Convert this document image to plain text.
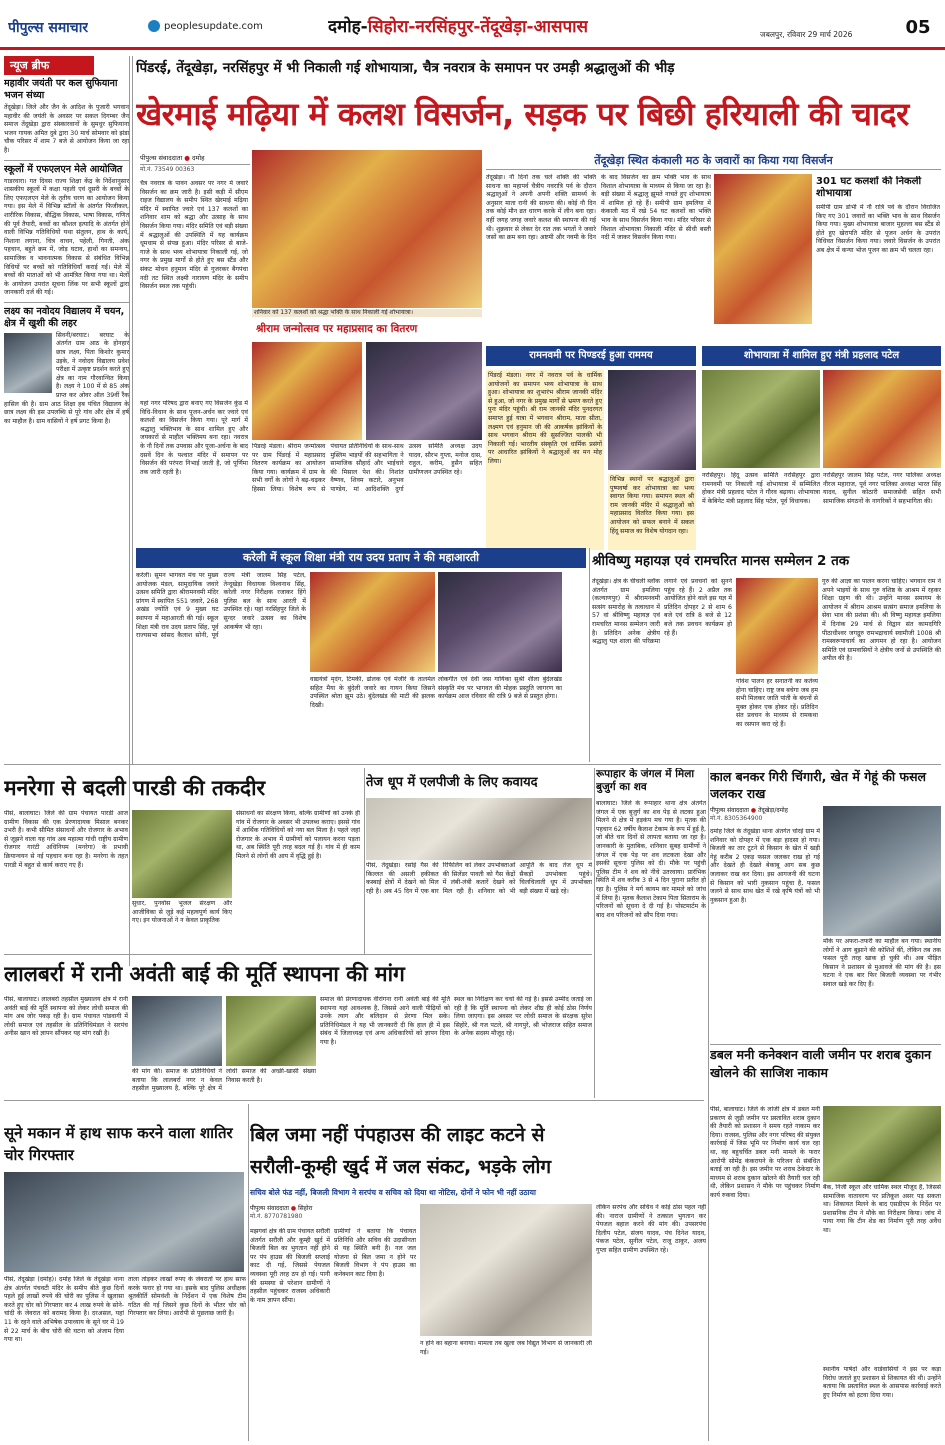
पीपुल्स समाचार	peoplesupdate.com	दमोह-सिहोरा-नरसिंहपुर-तेंदूखेड़ा-आसपास	जबलपुर, रविवार 29 मार्च 2026	05
न्यूज ब्रीफ
महावीर जयंती पर कल सुफियाना भजन संध्या
तेंदूखेड़ा। जिले और जैन के आदिश के पुजारी भगवान महावीर की जयंती के अवसर पर सकल दिगम्बर जैन समाज तेंदूखेड़ा द्वारा संस्कारवानों के सुमधुर सुफियाना भजन गायक अमित दुबे द्वारा 30 मार्च सोमवार को झंडा चौक परिसर में शाम 7 बजे से आयोजन किया जा रहा है।
स्कूलों में एफएलएन मेले आयोजित
गाडरवारा। गत दिवस राज्य शिक्षा केंद्र के निर्देशानुसार शासकीय स्कूलों में कक्षा पहली एवं दूसरी के बच्चों के लिए एफएलएन मेले के तृतीय चरण का आयोजन किया गया। इस मेले में विभिन्न स्टॉलों के अंतर्गत फिजीकल, शारीरिक विकास, बौद्धिक विकास, भाषा विकास, गणित की पूर्व तैयारी, बच्चों का कौशल इत्यादि के अंतर्गत होने वाली विभिन्न गतिविधियों यथा संतुलन, हाथ के कार्य, निशाना लगाना, चित्र वाचन, पहेली, गिनती, अंक पहचान, बहुते क्रम में, जोड़ घटाव, हाथों का समन्वय, सामाजिक व भावनात्मक विकास से संबंधित विभिन्न विधियों पर बच्चों को गतिविधियाँ कराई गईं। मेले में बच्चों की माताओं को भी आमंत्रित किया गया था। मेलों के आयोजन उपरांत सूचना लिंक पर सभी स्कूलों द्वारा जानकारी दर्ज की गई।
लक्ष्य का नवोदय विद्यालय में चयन, क्षेत्र में खुशी की लहर
सिवनी/बरघाट। बरघाट के अंतर्गत ग्राम आठ के होनहार छात्र लक्ष्य, पिता किशोर कुमार उइके, ने नवोदय विद्यालय प्रवेश परीक्षा में उत्कृष्ट प्रदर्शन करते हुए क्षेत्र का नाम गौरवान्वित किया है। लक्ष्य ने 100 में से 85 अंक प्राप्त कर ओवर ऑल 39वीं रैंक हासिल की है। ग्राम आठ शिक्षा हब पंचित विद्यालय के छात्र लक्ष्य की इस उपलब्धि से पूरे गांव और क्षेत्र में हर्ष का माहौल है। ग्राम वासियों ने हर्ष प्रगट किया है।
पिंडरई, तेंदूखेड़ा, नरसिंहपुर में भी निकाली गई शोभायात्रा, चैत्र नवरात्र के समापन पर उमड़ी श्रद्धालुओं की भीड़
खेरमाई मढ़िया में कलश विसर्जन, सड़क पर बिछी हरियाली की चादर
पीपुल्स संवाददाता ● दमोह
मो.नं. 73549 00363
चैत्र नवरात्र के पावन अवसर पर नगर में जवारे विसर्जन का क्रम जारी है। इसी कड़ी में सीएम राइज विद्यालय के समीप स्थित खेरमाई मढ़िया मंदिर में स्थापित ज्वारे एवं 137 कलशों का शनिवार शाम को श्रद्धा और उत्साह के साथ विसर्जन किया गया। मंदिर समिति एवं बड़ी संख्या में श्रद्धालुओं की उपस्थिति में यह कार्यक्रम धूमधाम से संपन्न हुआ। मंदिर परिसर से बाजे-गाजे के साथ भव्य शोभायात्रा निकाली गई, जो नगर के प्रमुख मार्गों से होते हुए बस स्टैंड और संकट मोचन हनुमान मंदिर से गुजरकर बैगपंचा नदी तट स्थित लक्ष्मी नारायण मंदिर के समीप विसर्जन स्थल तक पहुंची।
शनिवार को 137 कलशों को श्रद्धा भक्ति के साथ निकाली गई शोभायात्रा।
श्रीराम जन्मोत्सव पर महाप्रसाद का वितरण
यहां नगर परिषद द्वारा बनाए गए विसर्जन कुंड में विधि-विधान के साथ पूजन-अर्चन कर ज्वारे एवं कलशों का विसर्जन किया गया। पूरे मार्ग में श्रद्धालु भक्तिभाव के साथ शामिल हुए और जयकारों से माहौल भक्तिमय बना रहा। नवरात्र के नौ दिनों तक उपवास और पूजा-अर्चना के बाद दसवें दिन के पश्चात मंदिर में समापन पर विसर्जन की परंपरा निभाई जाती है, जो पूर्णिमा तक जारी रहती है।
पिंडरई मंडला। श्रीराम जन्मोत्सव पर ग्राम पिंडरई में महाप्रसाद वितरण कार्यक्रम का आयोजन किया गया। कार्यक्रम में ग्राम के सभी वर्गों के लोगों ने बढ़-चढ़कर हिस्सा लिया। विशेष रूप से पंचायत प्रतिनिधियों के साथ-साथ मुस्लिम भाइयों की सहभागिता ने सामाजिक सौहार्द और भाईचारे की मिसाल पेश की। निशांत वैष्णव, शिवम कटारे, अनुभव पाण्डेय, मां आदिशक्ति दुर्गा उत्सव समिति अध्यक्ष उदय यादव, सौरभ गुप्ता, मनोज दास, राहुल, करीम, हुसैन सहित ग्रामीणजन उपस्थित रहे।
तेंदूखेड़ा स्थित कंकाली मठ के जवारों का किया गया विसर्जन
तेंदूखेड़ा। नौ दिनों तक चले शक्ति की भक्ति साधना का महापर्व चैत्रीय नवरात्रि पर्व के दौरान श्रद्धालुओं ने अपनी अपनी शक्ति सामर्थ्य के अनुसार माता रानी की साधना की। कोई नौ दिन तक कोई मौन व्रत धारण करके में लीन बना रहा। वहीं जगह जगह जवारे कलश की स्थापना की गई थी। शुक्रवार से लेकर देर रात तक भगतों ने जवारे जसों का क्रम बना रहा। अष्टमी और नवमी के दिन के बाद विसर्जन का क्रम भक्ति भाव के साथ विशाल शोभायात्रा के माध्यम से किया जा रहा है। बड़ी संख्या में श्रद्धालु झूमते नाचते हुए शोभायात्रा में शामिल हो रहे हैं। समीपी ग्राम इमलिया में कंकाली मठ में रखे 54 घट कलशों का भक्ति भाव के साथ विसर्जन किया गया। मंदिर परिसर से विशाल शोभायात्रा निकाली मंदिर से सीधी बस्ती नदी में जाकर विसर्जन किया गया।
301 घट कलशों की निकली शोभायात्रा
समीपी ग्राम डोभी में नौ रात्रि पर्व के दौरान विराजित किए गए 301 जवारों का भक्ति भाव के साथ विसर्जन किया गया। मुख्य शोभायात्रा बाजार मुहल्ला बस स्टैंड से होते हुए खेरापति मंदिर से पूजन अर्चन के उपरांत विधिवत विसर्जन किया गया। जवारे विसर्जन के उपरांत अब क्षेत्र में कन्या भोज पूजन का क्रम भी चलता रहा।
रामनवमी पर पिण्डरई हुआ राममय
पिंडरई मंडला। नगर में नवरात्र पर्व के धार्मिक आयोजनों का समापन भव्य शोभायात्रा के साथ हुआ। शोभायात्रा का शुभारंभ श्रीराम जानकी मंदिर से हुआ, जो नगर के प्रमुख मार्गों से भ्रमण करते हुए पुनः मंदिर पहुंची। श्री राम जानकी मंदिर पुनदरगत समाप्त हुई यात्रा में भगवान श्रीराम, माता सीता, लक्ष्मण एवं हनुमान जी की आकर्षक झांकियों के साथ भगवान श्रीराम की सुसज्जित पालकी भी निकाली गई। भारतीय संस्कृति एवं धार्मिक प्रसंगों पर आधारित झांकियों ने श्रद्धालुओं का मन मोह लिया।
विभिन्न स्थानों पर श्रद्धालुओं द्वारा पुष्पवर्षा कर शोभायात्रा का भव्य स्वागत किया गया। समापन स्थल श्री राम जानकी मंदिर में श्रद्धालुओं को महाप्रसाद वितरित किया गया। इस आयोजन को सफल बनाने में सकल हिंदू समाज का विशेष योगदान रहा।
शोभायात्रा में शामिल हुए मंत्री प्रहलाद पटेल
नरसिंहपुर। हिंदू उत्सव समिति नरसिंहपुर द्वारा रामनवमी पर निकाली गई शोभायात्रा में सम्मिलित होकर मंत्री प्रहलाद पटेल ने गौरव बढ़ाया। शोभायात्रा में केबिनेट मंत्री प्रहलाद सिंह पटेल, पूर्व विधायक।
नरसिंहपुर जालम सिंह पटेल, नगर पालिका अध्यक्ष नीरज महाराज, पूर्व नगर पालिका अध्यक्ष भारत सिंह यादव, सुनील कोठारी समाजसेवी सहित सभी सामाजिक संगठनों के नागरिकों ने सहभागिता की।
करेली में स्कूल शिक्षा मंत्री राय उदय प्रताप ने की महाआरती
करेली। सुमन भागवत मंच पर मुख्य आयोजक मंडल, सामुदायिक जवारे उत्सव समिति द्वारा श्रीरामनवमी मंदिर प्रांगण में स्थापित 551 जवारे, 268 अखंड ज्योति एवं 9 मुख्य घट स्थापना में महाआरती की गई। स्कूल शिक्षा मंत्री राव उदय प्रताप सिंह, पूर्व राज्यसभा सांसद कैलाश सोनी, पूर्व राज्य मंत्री जालम सिंह पटेल, तेन्दूखेड़ा विधायक विश्वनाथ सिंह, करेली नगर निरीक्षक रजाकर हिंगे पुलिस बल के साथ आरती में उपस्थित रहे। यहां नरसिंहपुर जिले के सुन्दर जवारे उत्सव का विशेष आकर्षण भी रहा।
वाद्ययंत्रों मृदंग, टिमकी, ढोलक एवं मंजीरे के तालमेल सहित मैया के बुंदेली जवारे का गायन किया जिसने उपस्थित श्रोता झूम उठे। बुंदेलखंड की माटी की झलक दिखी।
लोकगीत एवं देवी जस गायिका सुश्री शीला बुंदेलखंड संस्कृति मंच पर भागवत की मोहक प्रस्तुति जागरण का कार्यक्रम आज रविवार की रात्रि 9 बजे से प्रस्तुत होगा।
श्रीविष्णु महायज्ञ एवं रामचरित मानस सम्मेलन 2 तक
तेंदूखेड़ा। क्षेत्र के चीचली ब्लॉक अंतर्गत ग्राम इमलिया (कल्याणपुर) में श्रीरामनवमी सत्संग समारोह के तत्वाधान में 57 वां श्रीविष्णु महायज्ञ एवं रामचरित मानस सम्मेलन जारी है। प्रतिदिन अनेक क्षेत्रीय श्रद्धालु यज्ञ शाला की परिक्रमा लगाने एवं प्रवचनों को सुनने पहुंच रहे हैं। 2 अप्रैल तक आयोजित होने वाले इस यज्ञ में प्रतिदिन दोपहर 2 से शाम 6 बजे एवं रात्रि 8 बजे से 12 बजे तक प्रवचन कार्यक्रम हो रहे हैं।
गोवंश पालन हर सनातनी का कर्तव्य होना चाहिए। राष्ट्र जब बचेगा जब हम सभी मिलकर जाति पांती के बंधनों से मुक्त होकर एक होकर रहें। प्रतिदिन संत प्रवचन के माध्यम से रामकथा का रसपान करा रहे हैं।
गुरु की आज्ञा का पालन करना चाहिए। भगवान राम ने अपने भाइयों के साथ गुरु वशिष्ठ के आश्रम में रहकर शिक्षा ग्रहण की थी। उन्होंने मानस समागम के आयोजन में श्रीराम आश्रम सत्संग समाज इमलिया के सेवा भाव की प्रशंसा की। श्री विष्णु महायज्ञ इमलिया में दिनांक 29 मार्च से विद्वान संत कामदगिरि पीठाधीश्वर जगद्गुरु रामभद्राचार्य स्वामीजी 1008 श्री रामस्वरूपाचार्य का आगमन हो रहा है। आयोजन समिति एवं ग्रामवासियों ने क्षेत्रीय जनों से उपस्थिति की अपील की है।
मनरेगा से बदली पारडी की तकदीर
पीसं, बालाघाट। जिले की ग्राम पंचायत पारडी आज ग्रामीण विकास की एक प्रेरणादायक मिसाल बनकर उभरी है। कभी सीमित संसाधनों और रोजगार के अभाव से जूझने वाला यह गांव अब महात्मा गांधी राष्ट्रीय ग्रामीण रोजगार गारंटी अधिनियम (मनरेगा) के प्रभावी क्रियान्वयन से नई पहचान बना रहा है। मनरेगा के तहत पारडी में बहुत से कार्य कराए गए हैं।
सुधार, पुनर्वास भूजल संरक्षण और आजीविका से जुड़े कई महत्वपूर्ण कार्य किए गए। इन योजनाओं ने न केवल प्राकृतिक
संसाधनों का संरक्षण किया, बल्कि ग्रामीणों को उनके ही गांव में रोजगार के अवसर भी उपलब्ध कराए। इससे गांव में आर्थिक गतिविधियों को नया बल मिला है। पहले जहां रोजगार के अभाव में ग्रामीणों को पलायन करना पड़ता था, अब स्थिति पूरी तरह बदल गई है। गांव में ही काम मिलने से लोगों की आय में वृद्धि हुई है।
तेज धूप में एलपीजी के लिए कवायद
पीसं, तेंदूखेड़ा। रसोई गैस की किल्लत की असली हकीकत कस्बाई क्षेत्रों में देखने को मिल रही है। अब 45 दिन में एक बार रिफिलिंग को लेकर उपभोक्ताओं की सिलेंडर पावती को गैस केंद्रों में लंबी-लंबी कतारें देखने को मिल रही हैं। शनिवार को भी आपूर्ति के बाद तेज धूप में सैकड़ों उपभोक्ता पहुंचे। चिलचिलाती धूप में उपभोक्ता बड़ी संख्या में खड़े रहे।
रूपाहार के जंगल में मिला बुजुर्ग का शव
बालाघाट। जिले के रूपाहार थाना क्षेत्र अंतर्गत जंगल में एक बुजुर्ग का शव पेड़ से लटका हुआ मिलने से क्षेत्र में हड़कंप मच गया है। मृतक की पहचान 62 वर्षीय कैलाश टेकाम के रूप में हुई है, जो बीते चार दिनों से लापता बताया जा रहा है। जानकारी के मुताबिक, शनिवार सुबह ग्रामीणों ने जंगल में एक पेड़ पर शव लटकता देखा और इसकी सूचना पुलिस को दी। मौके पर पहुंची पुलिस टीम ने शव को नीचे उतरवाया। प्रारंभिक स्थिति में शव करीब 3 से 4 दिन पुराना प्रतीत हो रहा है। पुलिस ने मर्ग कायम कर मामले को जांच में लिया है। मृतक कैलाश टेकाम पिता सिताराम के परिजनों को सूचना दे दी गई है। पोस्टमार्टम के बाद शव परिजनों को सौंप दिया गया।
काल बनकर गिरी चिंगारी, खेत में गेहूं की फसल जलकर राख
पीपुल्स संवाददाता ● तेंदूखेड़ा/दमोह
मो.नं. 8305364900
दमोह जिले के तेंदूखेड़ा थाना अंतर्गत चोरई ग्राम में शनिवार को दोपहर में एक बड़ा हादसा हो गया। बिजली का तार टूटने से किसान के खेत में खड़ी गेहूं करीब 2 एकड़ फसल जलकर राख हो गई और देखते ही देखते बेकाबू आग सब कुछ जलाकर राख कर दिया। इस आगजनी की घटना से किसान को भारी नुकसान पहुंचा है, फसल जलने से साथ साथ खेत में रखे कृषि यंत्रों को भी नुकसान हुआ है।
मौके पर अफरा-तफरी का माहौल बन गया। स्थानीय लोगों ने आग बुझाने की कोशिशें कीं, लेकिन तब तक फसल पूरी तरह खाक हो चुकी थी। अब पीड़ित किसान ने प्रशासन से मुआवजे की मांग की है। इस घटना ने एक बार फिर बिजली व्यवस्था पर गंभीर सवाल खड़े कर दिए हैं।
लालबर्रा में रानी अवंती बाई की मूर्ति स्थापना की मांग
पीसं, बालाघाट। लालबर्रा तहसील मुख्यालय क्षेत्र में रानी अवंती बाई की मूर्ति स्थापना को लेकर लोधी समाज की मांग अब जोर पकड़ रही है। ग्राम पंचायत पांडवागी में लोधी समाज एवं तहसील के प्रतिनिधिमंडल ने सरपंच अनीस खान को ज्ञापन सौंपकर यह मांग रखी है।
की मांग की। समाज के प्रतिनिधियों ने बताया कि लालबर्रा नगर न केवल तहसील मुख्यालय है, बल्कि पूरे क्षेत्र में लोधी समाज की अच्छी-खासी संख्या निवास करती है।
समाज की प्रेरणादायक वीरांगना रानी अवंती बाई की मूर्ति स्थापना यहां आवश्यक है, जिससे आने वाली पीढ़ियों को उनके त्याग और बलिदान से प्रेरणा मिल सके। प्रतिनिधिमंडल ने यह भी जानकारी दी कि हाल ही में इस संबंध में जिलाध्यक्ष एवं अन्य अधिकारियों को ज्ञापन दिया गया है।
स्थल का निरीक्षण कर चर्चा की गई है। इससे उम्मीद जताई जा रही है कि मूर्ति स्थापना को लेकर शीघ्र ही कोई ठोस निर्णय लिया जाएगा। इस अवसर पर लोधी समाज के संरक्षक सुरेश सिहोरे, श्री गज पटले, श्री नागपुरे, श्री भोजराज सहित समाज के अनेक सदस्य मौजूद रहे।
डबल मनी कनेक्शन वाली जमीन पर शराब दुकान खोलने की साजिश नाकाम
पीसं, बालाघाट। जिले के लांजी क्षेत्र में डबल मनी प्रकरण से जुड़ी जमीन पर प्रस्तावित शराब दुकान की तैयारी को प्रशासन ने समय रहते नाकाम कर दिया। राजस्व, पुलिस और नगर परिषद की संयुक्त कार्रवाई में जिस भूमि पर निर्माण कार्य चल रहा था, वह बहुचर्चित डबल मनी मामले के फरार आरोपी सोमेंद्र कंकरायने के परिजन से संबंधित बताई जा रही है। इस जमीन पर शराब ठेकेदार के माध्यम से शराब दुकान खोलने की तैयारी चल रही थी, लेकिन प्रशासन ने मौके पर पहुंचकर निर्माण कार्य रुकवा दिया।
बैंक, निजी स्कूल और धार्मिक स्थल मौजूद हैं, जिससे सामाजिक वातावरण पर प्रतिकूल असर पड़ सकता था। शिकायत मिलने के बाद एसडीएम के निर्देश पर प्रशासनिक टीम ने मौके का निरीक्षण किया। जांच में पाया गया कि टीन शेड का निर्माण पूरी तरह अवैध था।
स्थानीय पार्षदों और वार्डवासियों ने इस पर कड़ा विरोध जताते हुए प्रशासन से शिकायत की थी। उन्होंने बताया कि प्रस्तावित स्थल के आसपास कार्रवाई करते हुए निर्माण को हटवा दिया गया।
सूने मकान में हाथ साफ करने वाला शातिर चोर गिरफ्तार
पीसं, तेंदूखेड़ा (दमोह)। दमोह जिले के तेंदूखेड़ा थाना क्षेत्र अंतर्गत पंचवटी मंदिर के समीप बीते कुछ दिनों पहले हुई लाखों रुपये की चोरी का पुलिस ने खुलासा करते हुए चोर को गिरफ्तार कर 4 लाख रुपये के सोने-चांदी के जेवरात को बरामद किया है। दरअसल, यहां 11 के रहने वाले अभिषेक उपाध्याय के सूने घर में 19 से 22 मार्च के बीच चोरी की घटना को अंजाम दिया गया था।
ताला तोड़कर लाखों रुपए के जेवरातों पर हाथ साफ करके फरार हो गया था। इसके बाद पुलिस अधीक्षक श्रुतकीर्ति सोमवंशी के निर्देशन में एक विशेष टीम गठित की गई जिसने कुछ दिनों के भीतर चोर को गिरफ्तार कर लिया। आरोपी से पूछताछ जारी है।
बिल जमा नहीं पंपहाउस की लाइट कटने से
सरौली-कूम्ही खुर्द में जल संकट, भड़के लोग
सचिव बोले फंड नहीं, बिजली विभाग ने सरपंच व सचिव को दिया था नोटिस, दोनों ने फोन भी नहीं उठाया
पीपुल्स संवाददाता ● सिहोरा
मो.नं. 8770781980
मझगवां क्षेत्र की ग्राम पंचायत सरौली अंतर्गत सरौली और कूम्ही खुर्द में बिजली बिल का भुगतान नहीं होने पर पंप हाउस की बिजली सप्लाई काट दी गई, जिससे पेयजल व्यवस्था पूरी तरह ठप हो गई। पानी की समस्या से परेशान ग्रामीणों ने तहसील पहुंचकर राजस्व अधिकारी के नाम ज्ञापन सौंपा।
ग्रामीणों ने बताया कि पंचायत प्रतिनिधि और सचिव की उदासीनता से यह स्थिति बनी है। नल जल योजना से बिल जमा न होने पर बिजली विभाग ने पंप हाउस का कनेक्शन काट दिया है।
न होने का बहाना बनाया। मामला तब खुला जब विद्युत विभाग से जानकारी ली गई।
लेकिन सरपंच और सचिव ने कोई ठोस पहल नहीं की। नाराज ग्रामीणों ने तत्काल भुगतान कर पेयजल बहाल करने की मांग की। उपसरपंच दिलीप पटेल, संजय यादव, पंच दिनेश यादव, पंकज पटेल, सुनील पटेल, राजू ठाकुर, अजय गुप्ता सहित ग्रामीण उपस्थित रहे।
